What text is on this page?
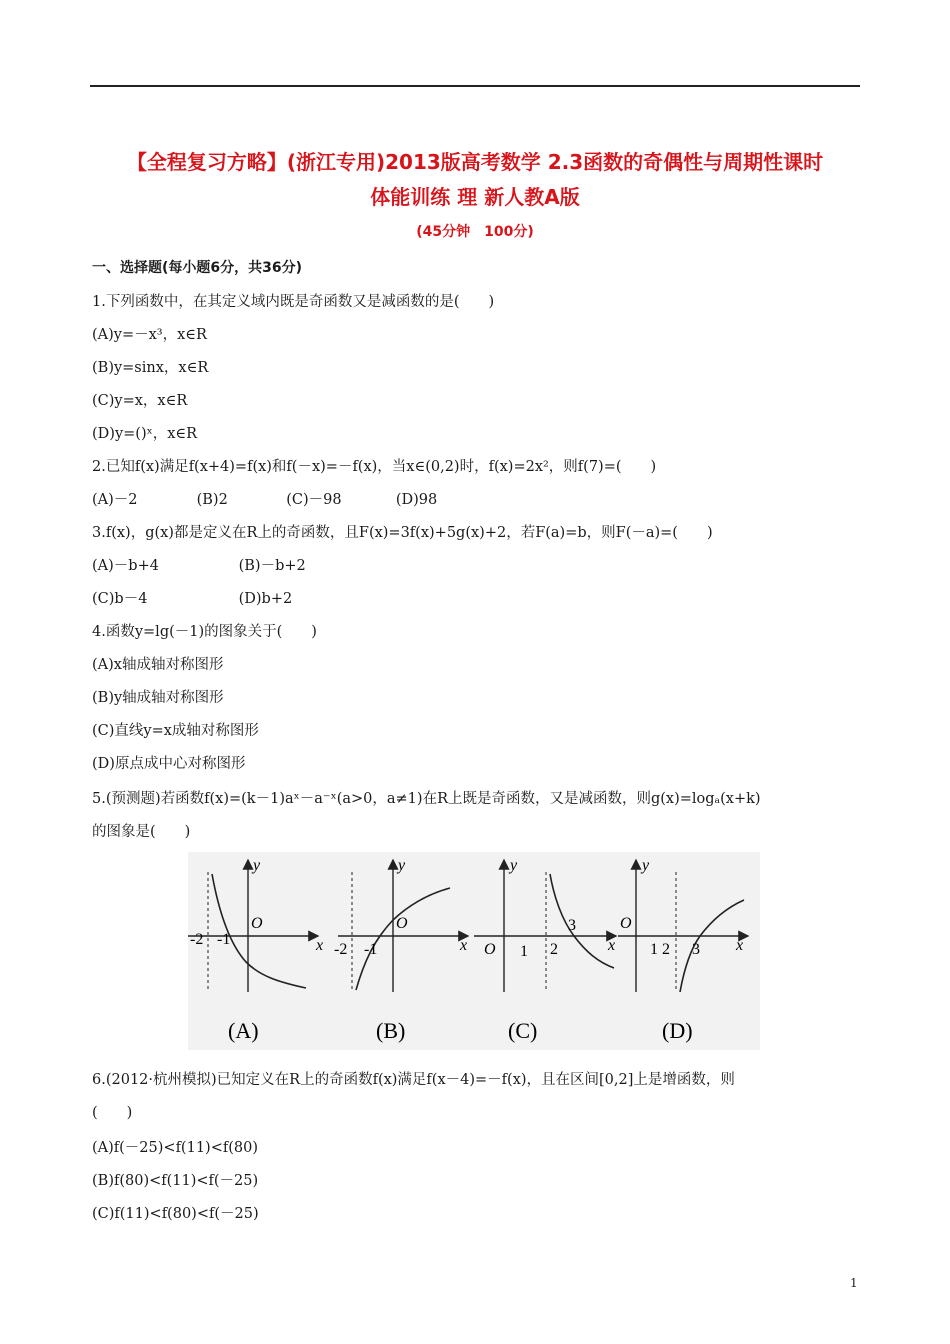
【全程复习方略】(浙江专用)2013版高考数学 2.3函数的奇偶性与周期性课时
体能训练 理 新人教A版
(45分钟　100分)
一、选择题(每小题6分，共36分)
1.下列函数中，在其定义域内既是奇函数又是减函数的是(　　)
(A)y=－x³，x∈R
(B)y=sinx，x∈R
(C)y=x，x∈R
(D)y=()ˣ，x∈R
2.已知f(x)满足f(x+4)=f(x)和f(－x)=－f(x)，当x∈(0,2)时，f(x)=2x²，则f(7)=(　　)
(A)－2	(B)2	(C)－98	(D)98
3.f(x)，g(x)都是定义在R上的奇函数，且F(x)=3f(x)+5g(x)+2，若F(a)=b，则F(－a)=(　　)
(A)－b+4	(B)－b+2
(C)b－4	(D)b+2
4.函数y=lg(－1)的图象关于(　　)
(A)x轴成轴对称图形
(B)y轴成轴对称图形
(C)直线y=x成轴对称图形
(D)原点成中心对称图形
5.(预测题)若函数f(x)=(k－1)aˣ－a⁻ˣ(a>0，a≠1)在R上既是奇函数，又是减函数，则g(x)=logₐ(x+k)
的图象是(　　)
-2 -1
O
x
y
(A)
-2 -1
O
x
y
(B)
O 1 2
3
x
y
(C)
O
1 2 3 x
y
(D)
6.(2012·杭州模拟)已知定义在R上的奇函数f(x)满足f(x－4)=－f(x)，且在区间[0,2]上是增函数，则
(　　)
(A)f(－25)<f(11)<f(80)
(B)f(80)<f(11)<f(－25)
(C)f(11)<f(80)<f(－25)
1
